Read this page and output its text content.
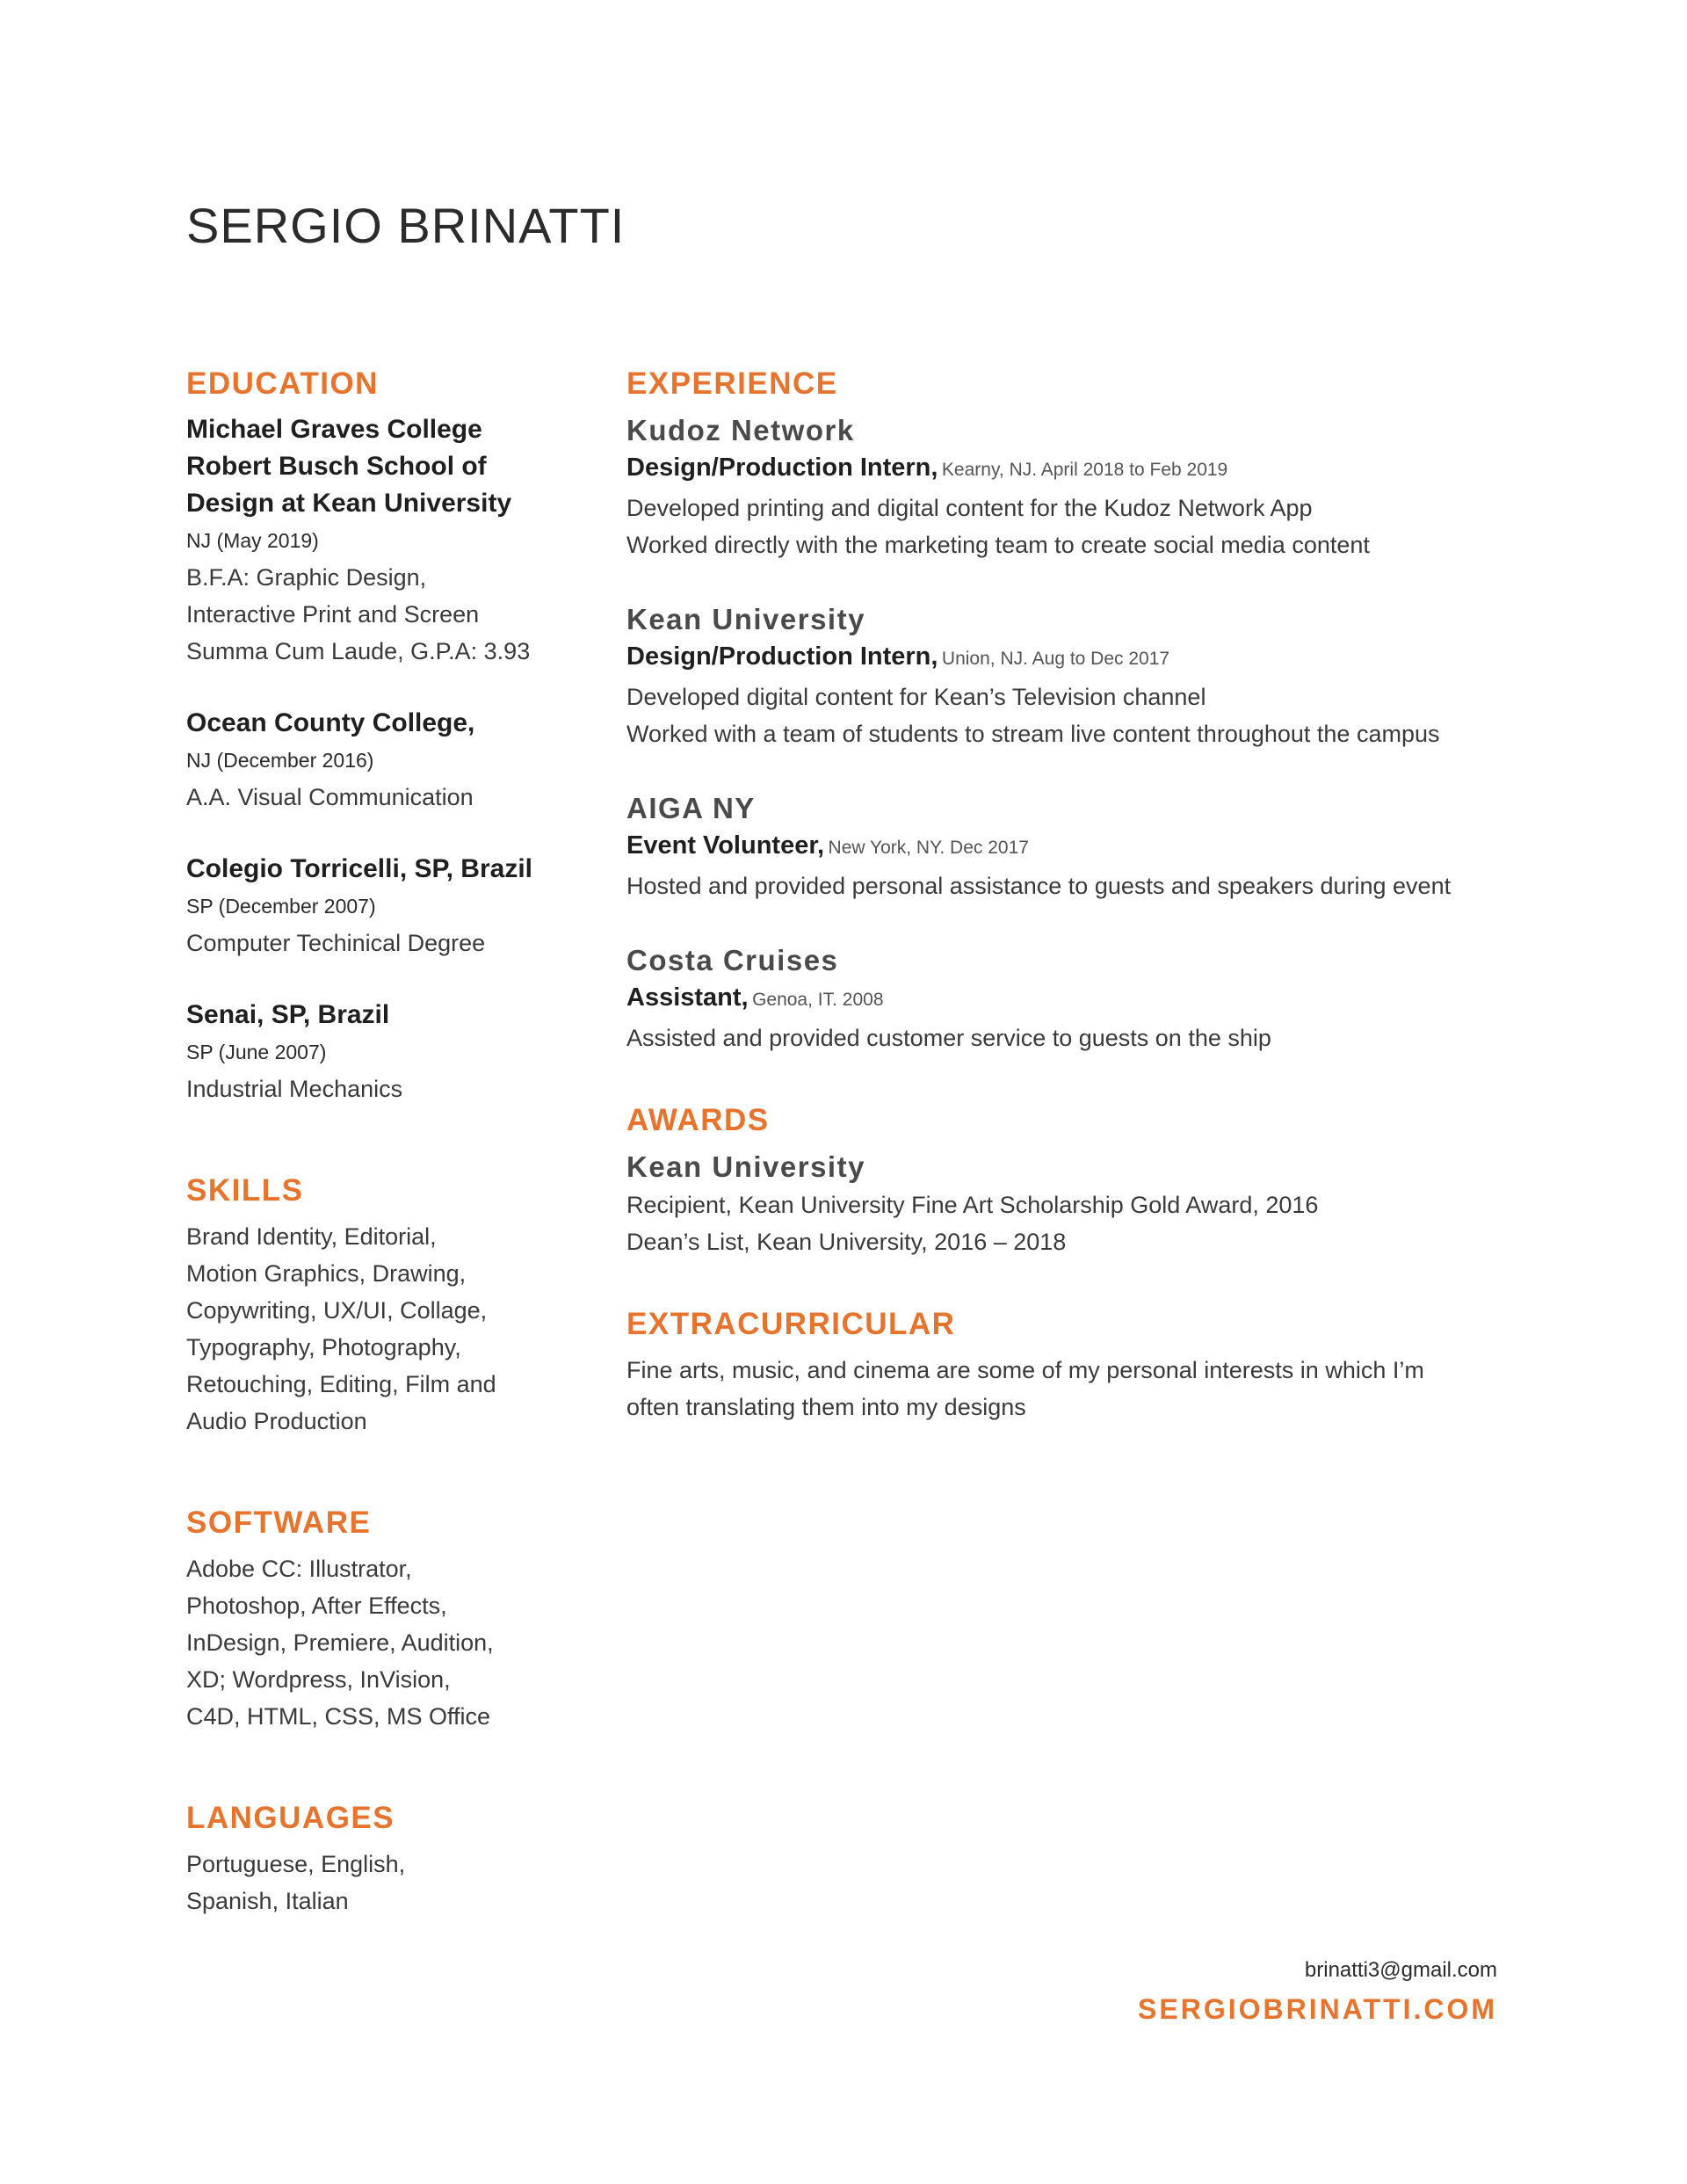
SERGIO BRINATTI
EDUCATION

Michael Graves College

Robert Busch School of

Design at Kean University

NJ (May 2019)

B.F.A: Graphic Design,

Interactive Print and Screen

Summa Cum Laude, G.P.A: 3.93

Ocean County College,

NJ (December 2016)

A.A. Visual Communication

Colegio Torricelli, SP, Brazil

SP (December 2007)

Computer Techinical Degree

Senai, SP, Brazil

SP (June 2007)

Industrial Mechanics

SKILLS

Brand Identity, Editorial,

Motion Graphics, Drawing,

Copywriting, UX/UI, Collage,

Typography, Photography,

Retouching, Editing, Film and

Audio Production

SOFTWARE

Adobe CC: Illustrator,

Photoshop, After Effects,

InDesign, Premiere, Audition,

XD; Wordpress, InVision,

C4D, HTML, CSS, MS Office

LANGUAGES

Portuguese, English,

Spanish, Italian

EXPERIENCE

Kudoz Network

Design/Production Intern, Kearny, NJ. April 2018 to Feb 2019

Developed printing and digital content for the Kudoz Network App

Worked directly with the marketing team to create social media content

Kean University

Design/Production Intern, Union, NJ. Aug to Dec 2017

Developed digital content for Kean’s Television channel

Worked with a team of students to stream live content throughout the campus

AIGA NY

Event Volunteer, New York, NY. Dec 2017

Hosted and provided personal assistance to guests and speakers during event

Costa Cruises

Assistant, Genoa, IT. 2008

Assisted and provided customer service to guests on the ship

AWARDS

Kean University

Recipient, Kean University Fine Art Scholarship Gold Award, 2016

Dean’s List, Kean University, 2016 – 2018

EXTRACURRICULAR

Fine arts, music, and cinema are some of my personal interests in which I’m

often translating them into my designs

brinatti3@gmail.com

SERGIOBRINATTI.COM
